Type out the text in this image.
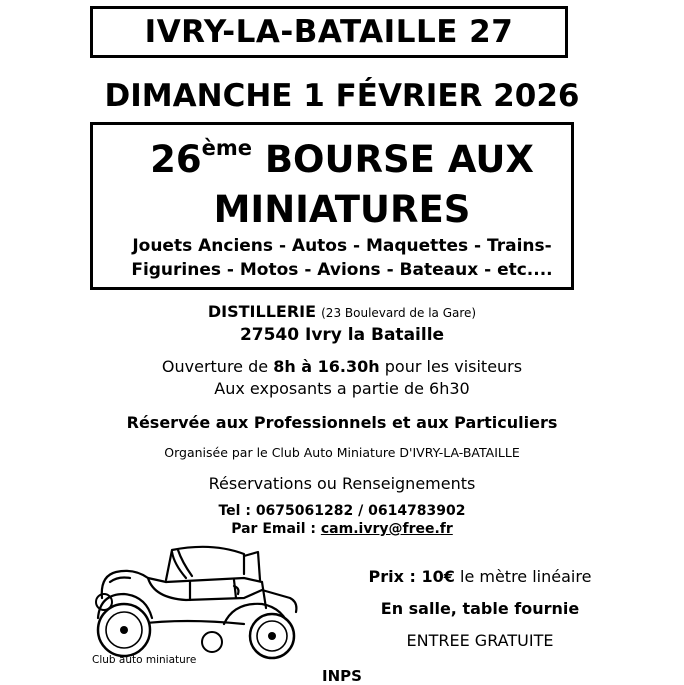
IVRY-LA-BATAILLE 27
DIMANCHE 1 FÉVRIER 2026
26ème BOURSE AUX
MINIATURES
Jouets Anciens - Autos - Maquettes - Trains-
Figurines - Motos - Avions - Bateaux - etc....
DISTILLERIE (23 Boulevard de la Gare)
27540 Ivry la Bataille
Ouverture de 8h à 16.30h pour les visiteurs
Aux exposants a partie de 6h30
Réservée aux Professionnels et aux Particuliers
Organisée par le Club Auto Miniature D'IVRY-LA-BATAILLE
Réservations ou Renseignements
Tel : 0675061282 / 0614783902
Par Email : cam.ivry@free.fr
Prix : 10€ le mètre linéaire
En salle, table fournie
ENTREE GRATUITE
Club auto miniature
INPS
